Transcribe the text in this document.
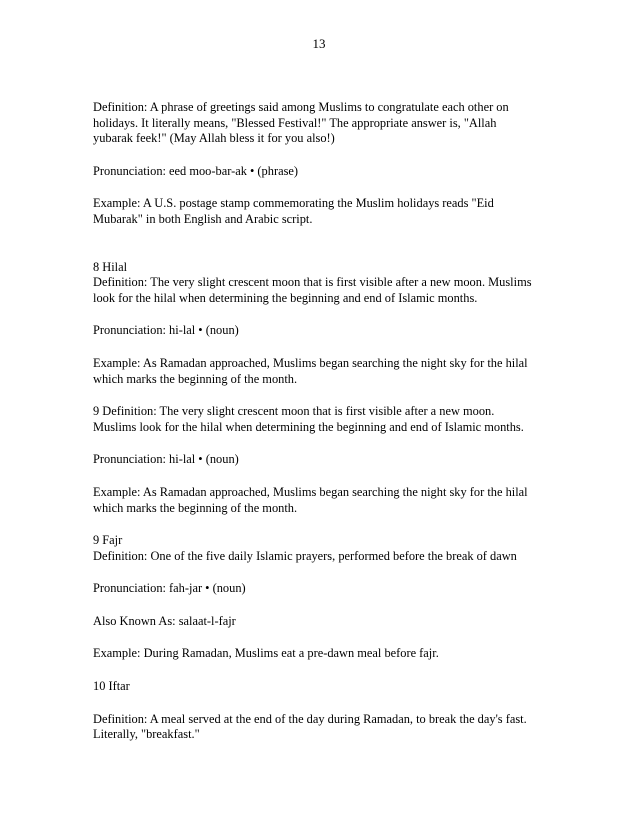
13
Definition: A phrase of greetings said among Muslims to congratulate each other on
holidays. It literally means, "Blessed Festival!" The appropriate answer is, "Allah
yubarak feek!" (May Allah bless it for you also!)
Pronunciation: eed moo-bar-ak • (phrase)
Example: A U.S. postage stamp commemorating the Muslim holidays reads "Eid
Mubarak" in both English and Arabic script.
8 Hilal
Definition: The very slight crescent moon that is first visible after a new moon. Muslims
look for the hilal when determining the beginning and end of Islamic months.
Pronunciation: hi-lal • (noun)
Example: As Ramadan approached, Muslims began searching the night sky for the hilal
which marks the beginning of the month.
9 Definition: The very slight crescent moon that is first visible after a new moon.
Muslims look for the hilal when determining the beginning and end of Islamic months.
Pronunciation: hi-lal • (noun)
Example: As Ramadan approached, Muslims began searching the night sky for the hilal
which marks the beginning of the month.
9 Fajr
Definition: One of the five daily Islamic prayers, performed before the break of dawn
Pronunciation: fah-jar • (noun)
Also Known As: salaat-l-fajr
Example: During Ramadan, Muslims eat a pre-dawn meal before fajr.
10 Iftar
Definition: A meal served at the end of the day during Ramadan, to break the day's fast.
Literally, "breakfast."
